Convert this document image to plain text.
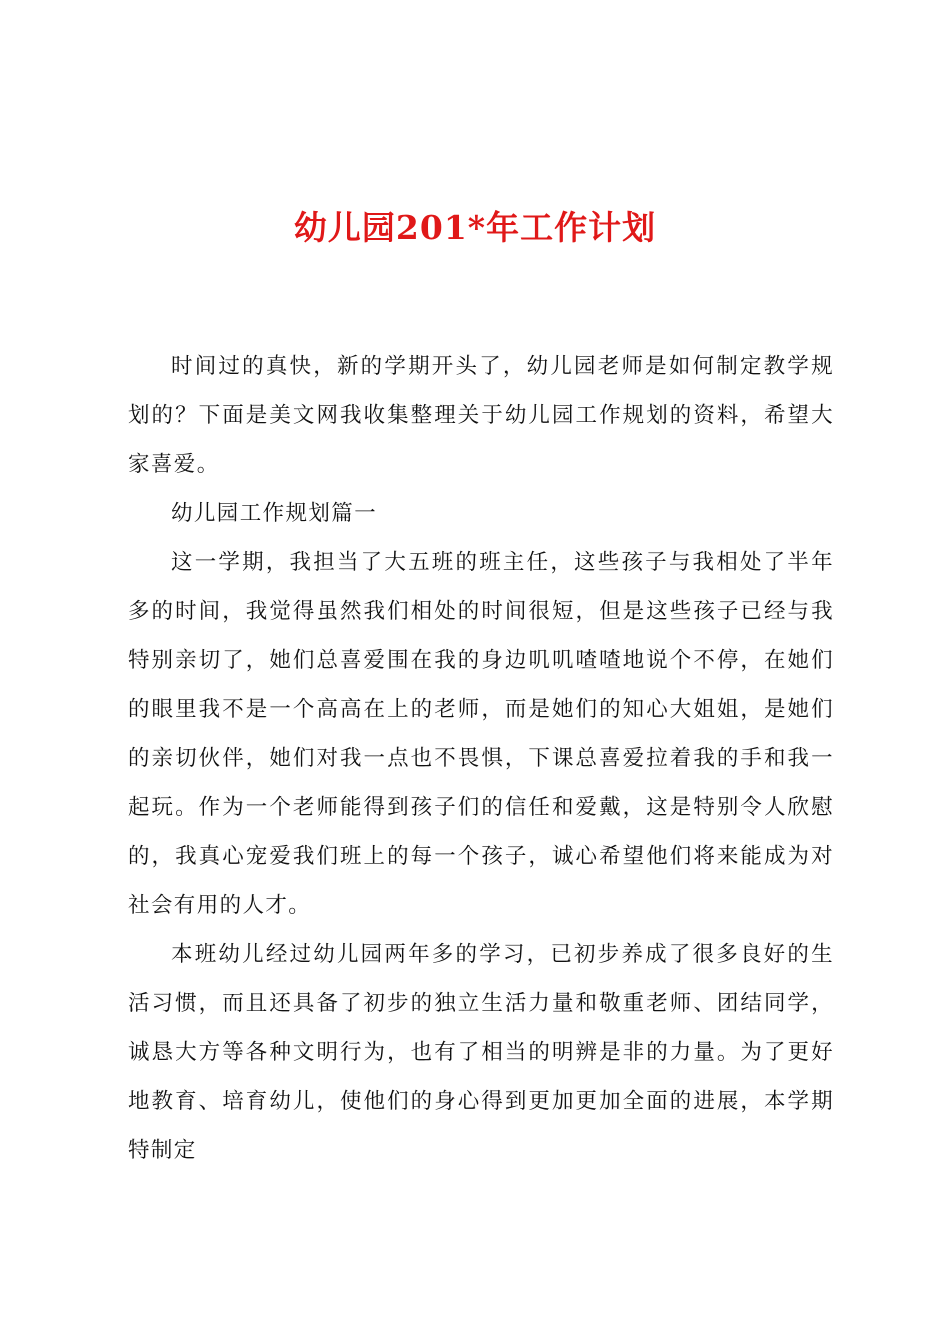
幼儿园201*年工作计划

时间过的真快，新的学期开头了，幼儿园老师是如何制定教学规划的？下面是美文网我收集整理关于幼儿园工作规划的资料，希望大家喜爱。

幼儿园工作规划篇一

这一学期，我担当了大五班的班主任，这些孩子与我相处了半年多的时间，我觉得虽然我们相处的时间很短，但是这些孩子已经与我特别亲切了，她们总喜爱围在我的身边叽叽喳喳地说个不停，在她们的眼里我不是一个高高在上的老师，而是她们的知心大姐姐，是她们的亲切伙伴，她们对我一点也不畏惧，下课总喜爱拉着我的手和我一起玩。作为一个老师能得到孩子们的信任和爱戴，这是特别令人欣慰的，我真心宠爱我们班上的每一个孩子，诚心希望他们将来能成为对社会有用的人才。

本班幼儿经过幼儿园两年多的学习，已初步养成了很多良好的生活习惯，而且还具备了初步的独立生活力量和敬重老师、团结同学，诚恳大方等各种文明行为，也有了相当的明辨是非的力量。为了更好地教育、培育幼儿，使他们的身心得到更加更加全面的进展，本学期特制定
